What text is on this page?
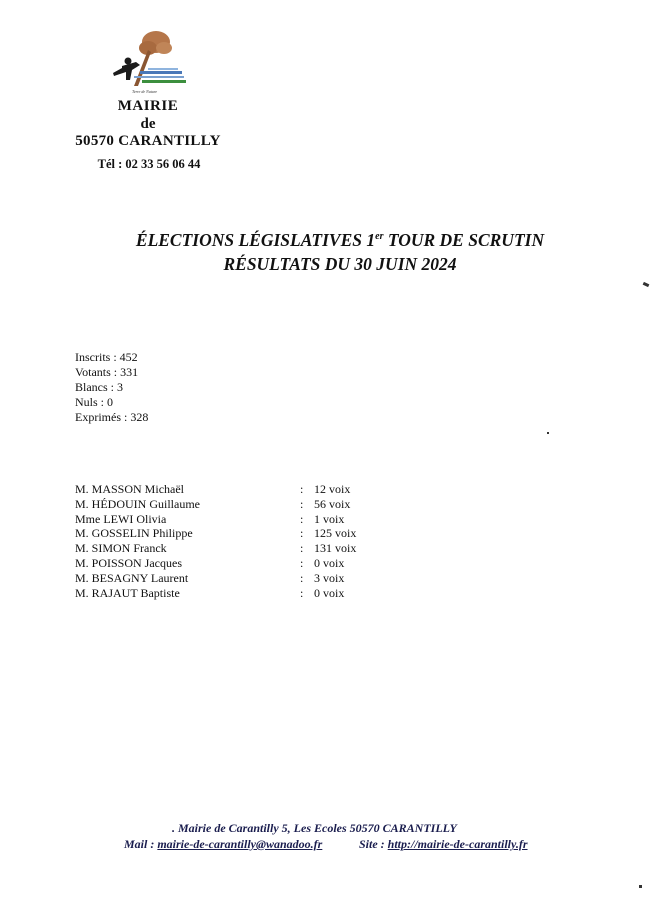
Terre de Nature
MAIRIE
de
50570 CARANTILLY
Tél : 02 33 56 06 44
ÉLECTIONS LÉGISLATIVES 1er TOUR DE SCRUTIN
RÉSULTATS DU 30 JUIN 2024
Inscrits : 452
Votants : 331
Blancs : 3
Nuls : 0
Exprimés : 328
M. MASSON Michaël	: 12 voix
M. HÉDOUIN Guillaume	: 56 voix
Mme LEWI Olivia	: 1 voix
M. GOSSELIN Philippe	: 125 voix
M. SIMON Franck	: 131 voix
M. POISSON Jacques	: 0 voix
M. BESAGNY Laurent	: 3 voix
M. RAJAUT Baptiste	: 0 voix
. Mairie de Carantilly 5, Les Ecoles 50570 CARANTILLY
Mail : mairie-de-carantilly@wanadoo.fr	Site : http://mairie-de-carantilly.fr
